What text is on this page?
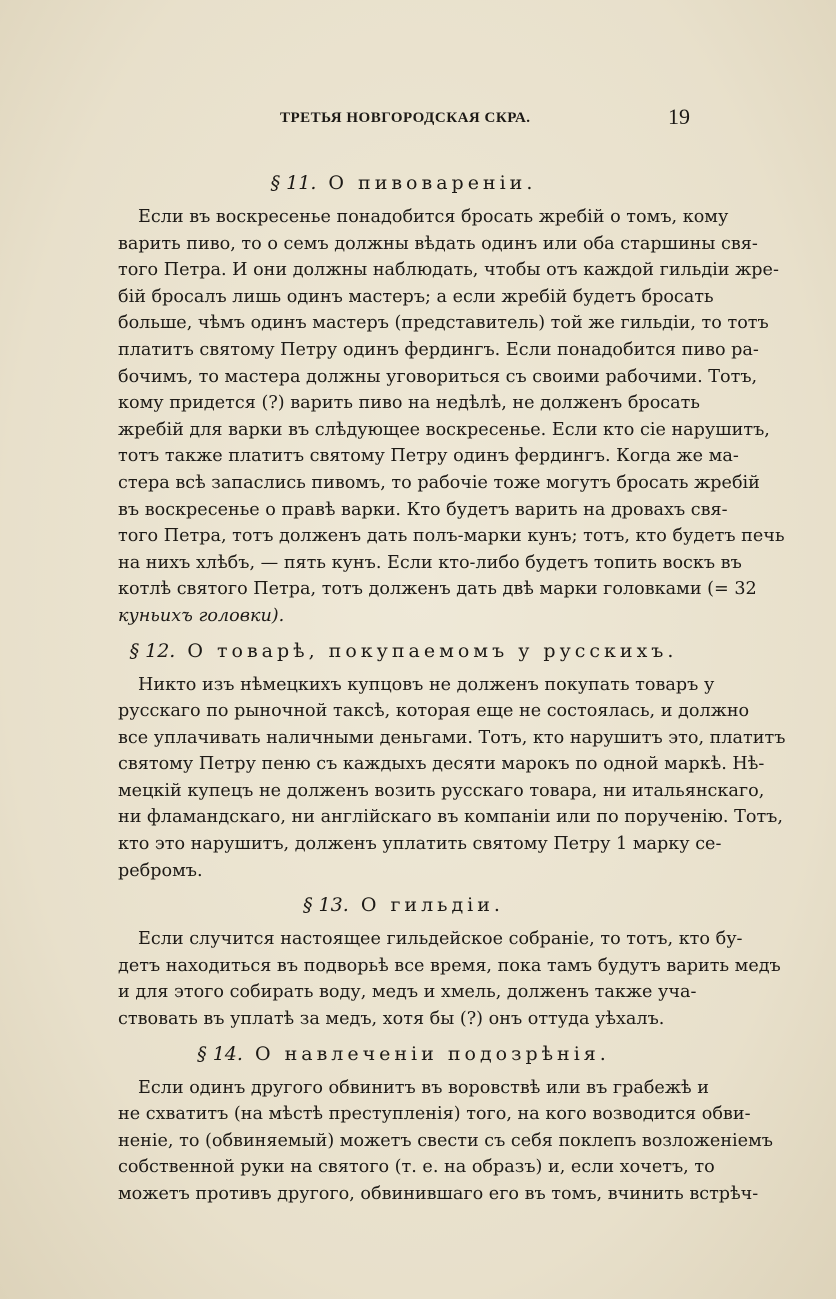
ТРЕТЬЯ НОВГОРОДСКАЯ СКРА.	19
§ 11. О пивовареніи.
Если въ воскресенье понадобится бросать жребій о томъ, кому
варить пиво, то о семъ должны вѣдать одинъ или оба старшины свя-
того Петра. И они должны наблюдать, чтобы отъ каждой гильдіи жре-
бій бросалъ лишь одинъ мастеръ; а если жребій будетъ бросать
больше, чѣмъ одинъ мастеръ (представитель) той же гильдіи, то тотъ
платитъ святому Петру одинъ фердингъ. Если понадобится пиво ра-
бочимъ, то мастера должны уговориться съ своими рабочими. Тотъ,
кому придется (?) варить пиво на недѣлѣ, не долженъ бросать
жребій для варки въ слѣдующее воскресенье. Если кто сіе нарушитъ,
тотъ также платитъ святому Петру одинъ фердингъ. Когда же ма-
стера всѣ запаслись пивомъ, то рабочіе тоже могутъ бросать жребій
въ воскресенье о правѣ варки. Кто будетъ варить на дровахъ свя-
того Петра, тотъ долженъ дать полъ-марки кунъ; тотъ, кто будетъ печь
на нихъ хлѣбъ, — пять кунъ. Если кто-либо будетъ топить воскъ въ
котлѣ святого Петра, тотъ долженъ дать двѣ марки головками (= 32
куньихъ головки).
§ 12. О товарѣ, покупаемомъ у русскихъ.
Никто изъ нѣмецкихъ купцовъ не долженъ покупать товаръ у
русскаго по рыночной таксѣ, которая еще не состоялась, и должно
все уплачивать наличными деньгами. Тотъ, кто нарушитъ это, платитъ
святому Петру пеню съ каждыхъ десяти марокъ по одной маркѣ. Нѣ-
мецкій купецъ не долженъ возить русскаго товара, ни итальянскаго,
ни фламандскаго, ни англійскаго въ компаніи или по порученію. Тотъ,
кто это нарушитъ, долженъ уплатить святому Петру 1 марку се-
ребромъ.
§ 13. О гильдіи.
Если случится настоящее гильдейское собраніе, то тотъ, кто бу-
детъ находиться въ подворьѣ все время, пока тамъ будутъ варить медъ
и для этого собирать воду, медъ и хмель, долженъ также уча-
ствовать въ уплатѣ за медъ, хотя бы (?) онъ оттуда уѣхалъ.
§ 14. О навлеченіи подозрѣнія.
Если одинъ другого обвинитъ въ воровствѣ или въ грабежѣ и
не схватитъ (на мѣстѣ преступленія) того, на кого возводится обви-
неніе, то (обвиняемый) можетъ свести съ себя поклепъ возложеніемъ
собственной руки на святого (т. е. на образъ) и, если хочетъ, то
можетъ противъ другого, обвинившаго его въ томъ, вчинить встрѣч-
